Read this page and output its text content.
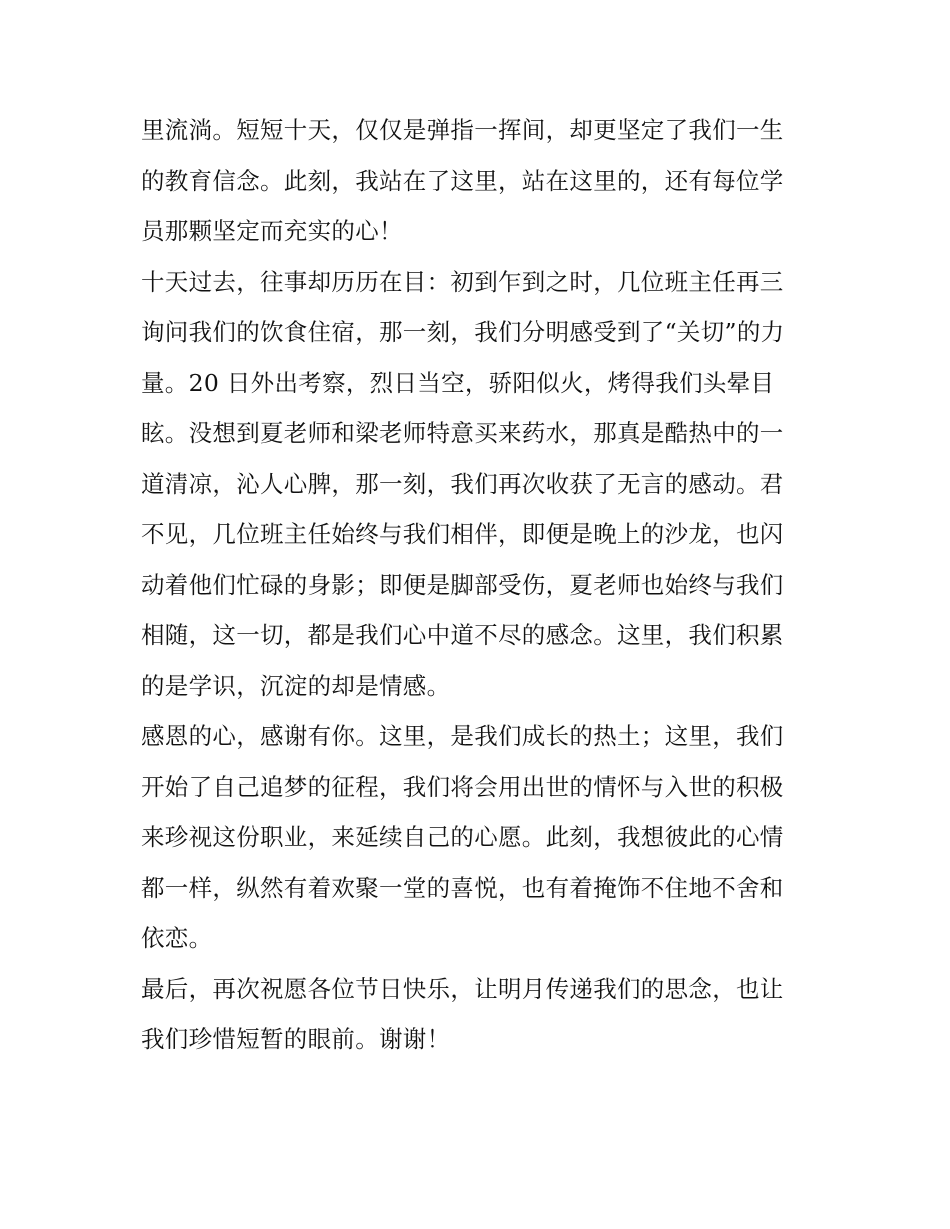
里流淌。短短十天，仅仅是弹指一挥间，却更坚定了我们一生
的教育信念。此刻，我站在了这里，站在这里的，还有每位学
员那颗坚定而充实的心！
十天过去，往事却历历在目：初到乍到之时，几位班主任再三
询问我们的饮食住宿，那一刻，我们分明感受到了“关切”的力
量。20 日外出考察，烈日当空，骄阳似火，烤得我们头晕目
眩。没想到夏老师和梁老师特意买来药水，那真是酷热中的一
道清凉，沁人心脾，那一刻，我们再次收获了无言的感动。君
不见，几位班主任始终与我们相伴，即便是晚上的沙龙，也闪
动着他们忙碌的身影；即便是脚部受伤，夏老师也始终与我们
相随，这一切，都是我们心中道不尽的感念。这里，我们积累
的是学识，沉淀的却是情感。
感恩的心，感谢有你。这里，是我们成长的热土；这里，我们
开始了自己追梦的征程，我们将会用出世的情怀与入世的积极
来珍视这份职业，来延续自己的心愿。此刻，我想彼此的心情
都一样，纵然有着欢聚一堂的喜悦，也有着掩饰不住地不舍和
依恋。
最后，再次祝愿各位节日快乐，让明月传递我们的思念，也让
我们珍惜短暂的眼前。谢谢！
